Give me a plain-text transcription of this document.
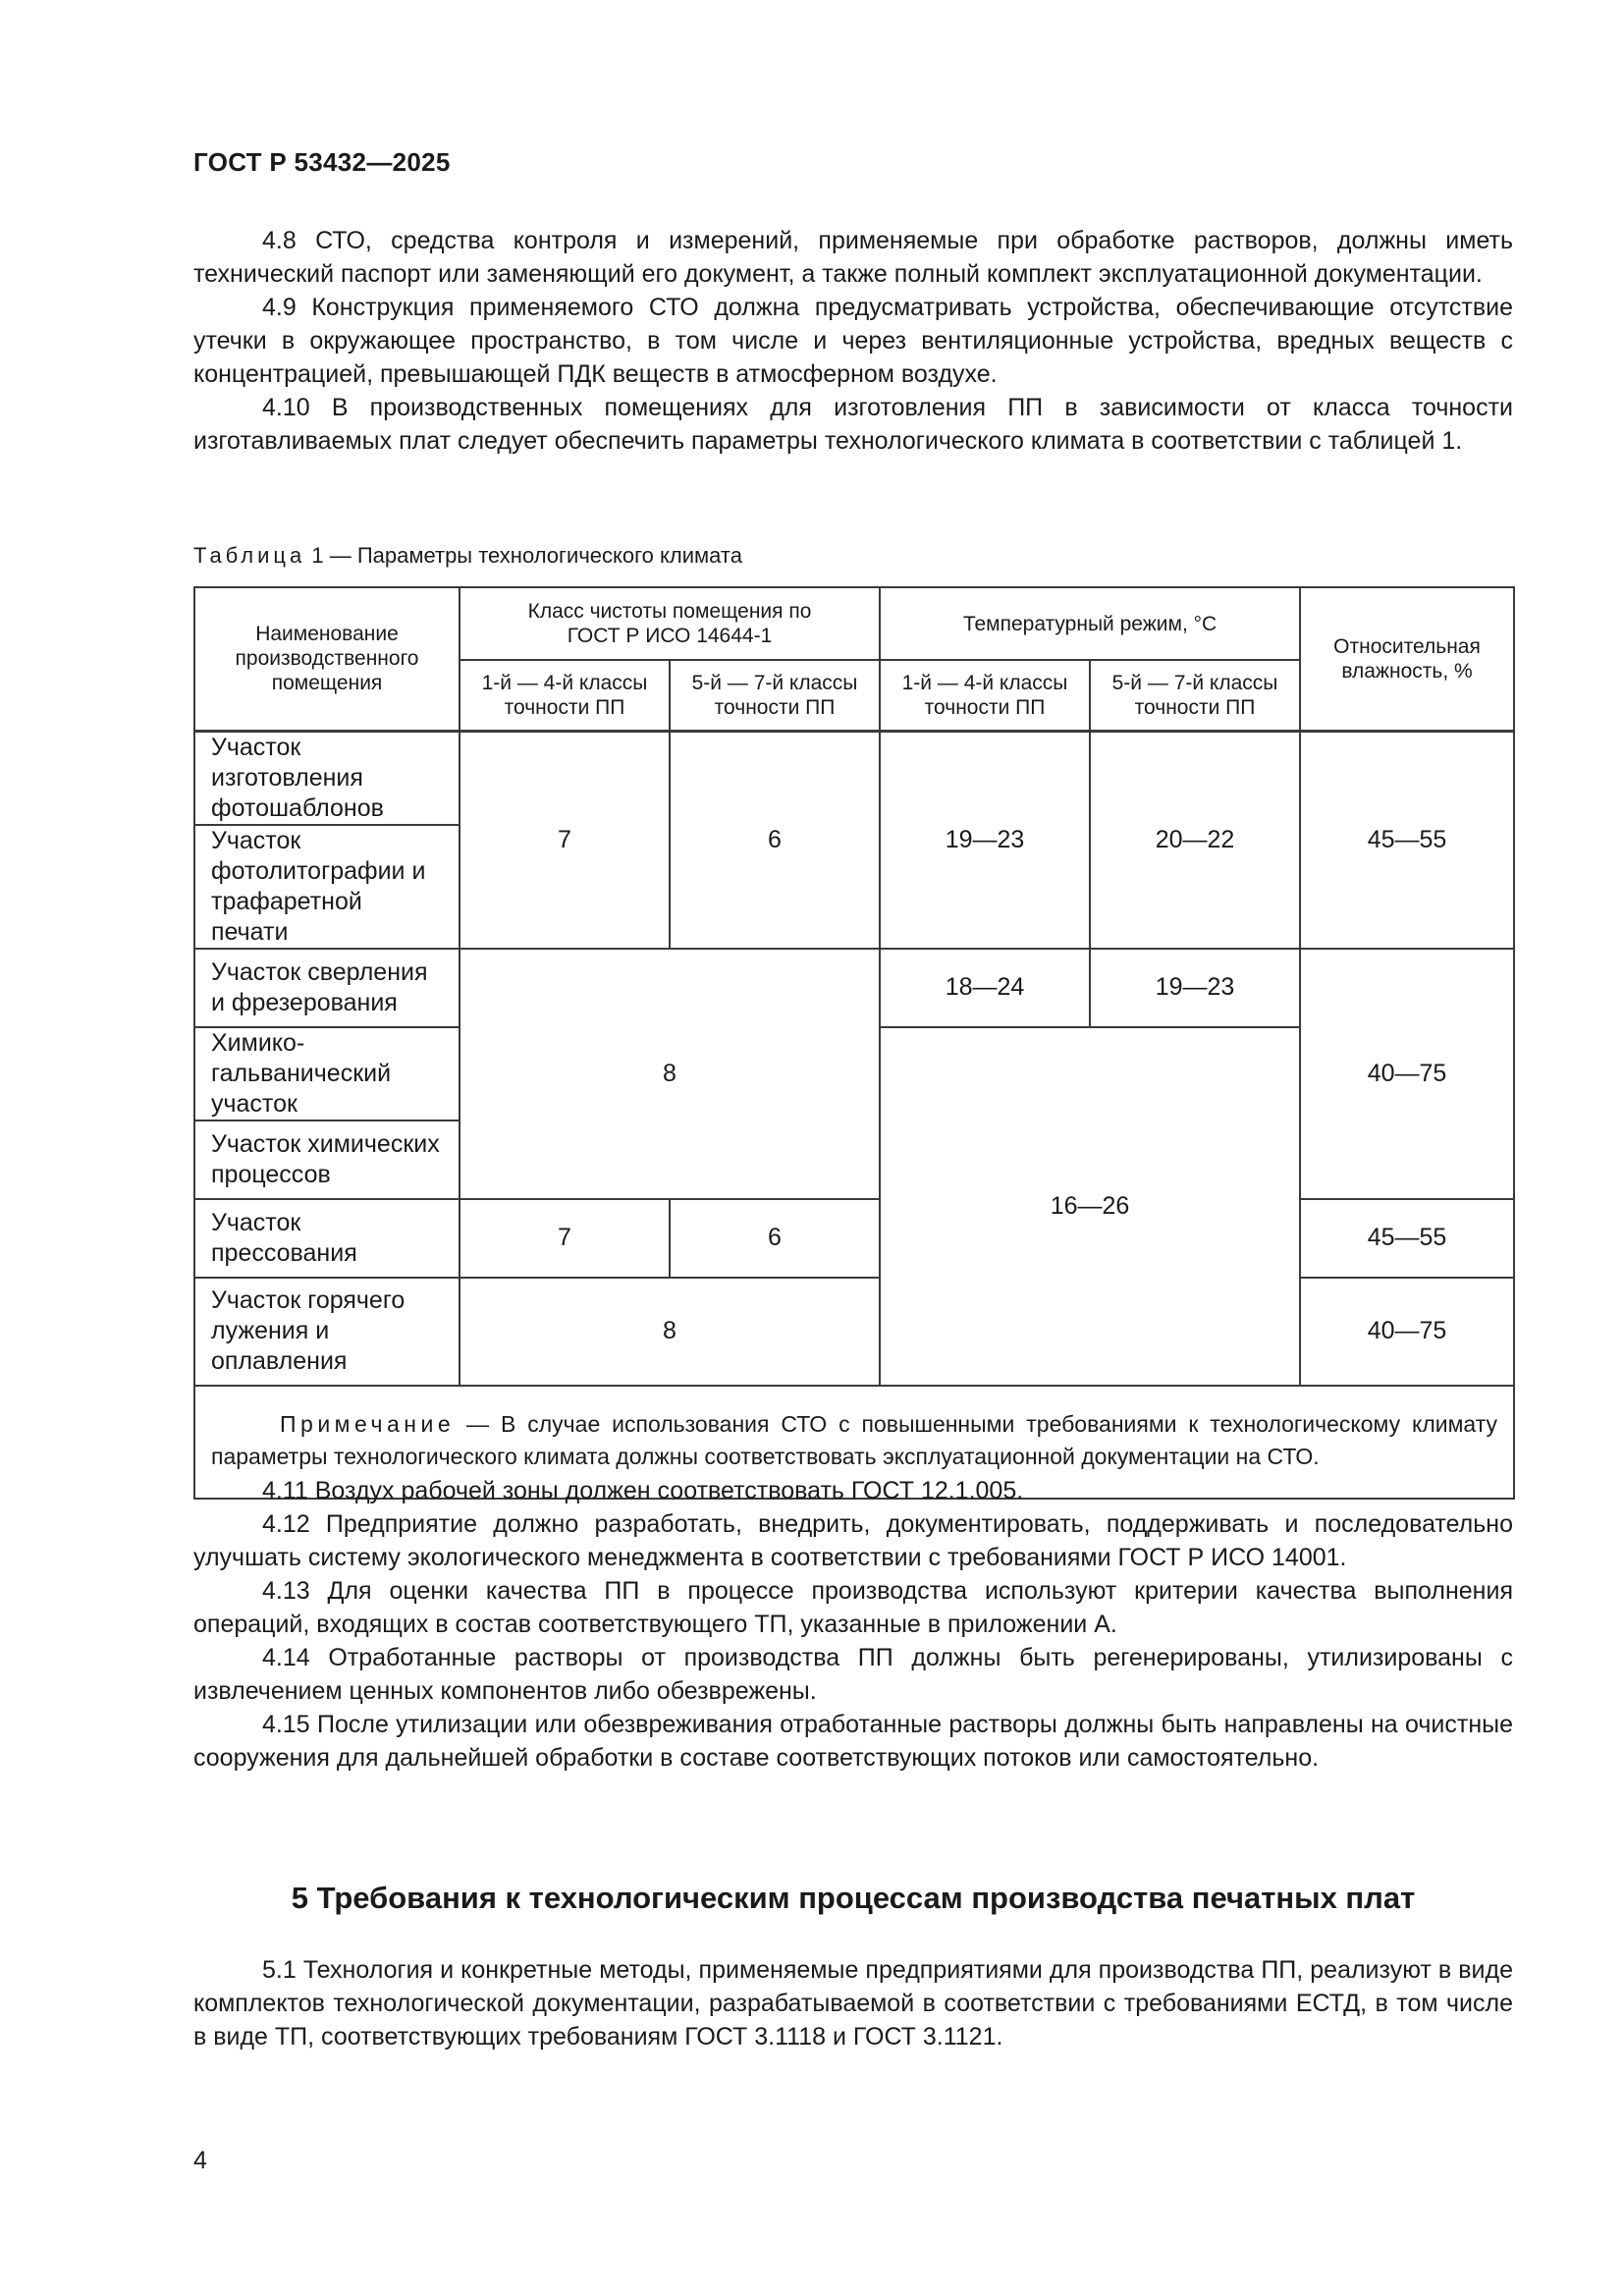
ГОСТ Р 53432—2025

4.8 СТО, средства контроля и измерений, применяемые при обработке растворов, должны иметь технический паспорт или заменяющий его документ, а также полный комплект эксплуатационной документации.

4.9 Конструкция применяемого СТО должна предусматривать устройства, обеспечивающие отсутствие утечки в окружающее пространство, в том числе и через вентиляционные устройства, вредных веществ с концентрацией, превышающей ПДК веществ в атмосферном воздухе.

4.10 В производственных помещениях для изготовления ПП в зависимости от класса точности изготавливаемых плат следует обеспечить параметры технологического климата в соответствии с таблицей 1.

Таблица 1 — Параметры технологического климата
Наименование производственного помещения	Класс чистоты помещения по ГОСТ Р ИСО 14644-1		Температурный режим, °С		Относительная влажность, %
	1-й — 4-й классы точности ПП	5-й — 7-й классы точности ПП	1-й — 4-й классы точности ПП	5-й — 7-й классы точности ПП	
Участок изготовления фотошаблонов	7	6	19—23	20—22	45—55
Участок фотолитографии и трафаретной печати					
Участок сверления и фрезерования	8		18—24	19—23	40—75
Химико-гальванический участок			16—26		
Участок химических процессов					
Участок прессования	7	6			45—55
Участок горячего лужения и оплавления	8				40—75
Примечание — В случае использования СТО с повышенными требованиями к технологическому климату параметры технологического климата должны соответствовать эксплуатационной документации на СТО.					

4.11 Воздух рабочей зоны должен соответствовать ГОСТ 12.1.005.

4.12 Предприятие должно разработать, внедрить, документировать, поддерживать и последовательно улучшать систему экологического менеджмента в соответствии с требованиями ГОСТ Р ИСО 14001.

4.13 Для оценки качества ПП в процессе производства используют критерии качества выполнения операций, входящих в состав соответствующего ТП, указанные в приложении А.

4.14 Отработанные растворы от производства ПП должны быть регенерированы, утилизированы с извлечением ценных компонентов либо обезврежены.

4.15 После утилизации или обезвреживания отработанные растворы должны быть направлены на очистные сооружения для дальнейшей обработки в составе соответствующих потоков или самостоятельно.

5 Требования к технологическим процессам производства печатных плат

5.1 Технология и конкретные методы, применяемые предприятиями для производства ПП, реализуют в виде комплектов технологической документации, разрабатываемой в соответствии с требованиями ЕСТД, в том числе в виде ТП, соответствующих требованиям ГОСТ 3.1118 и ГОСТ 3.1121.

4
